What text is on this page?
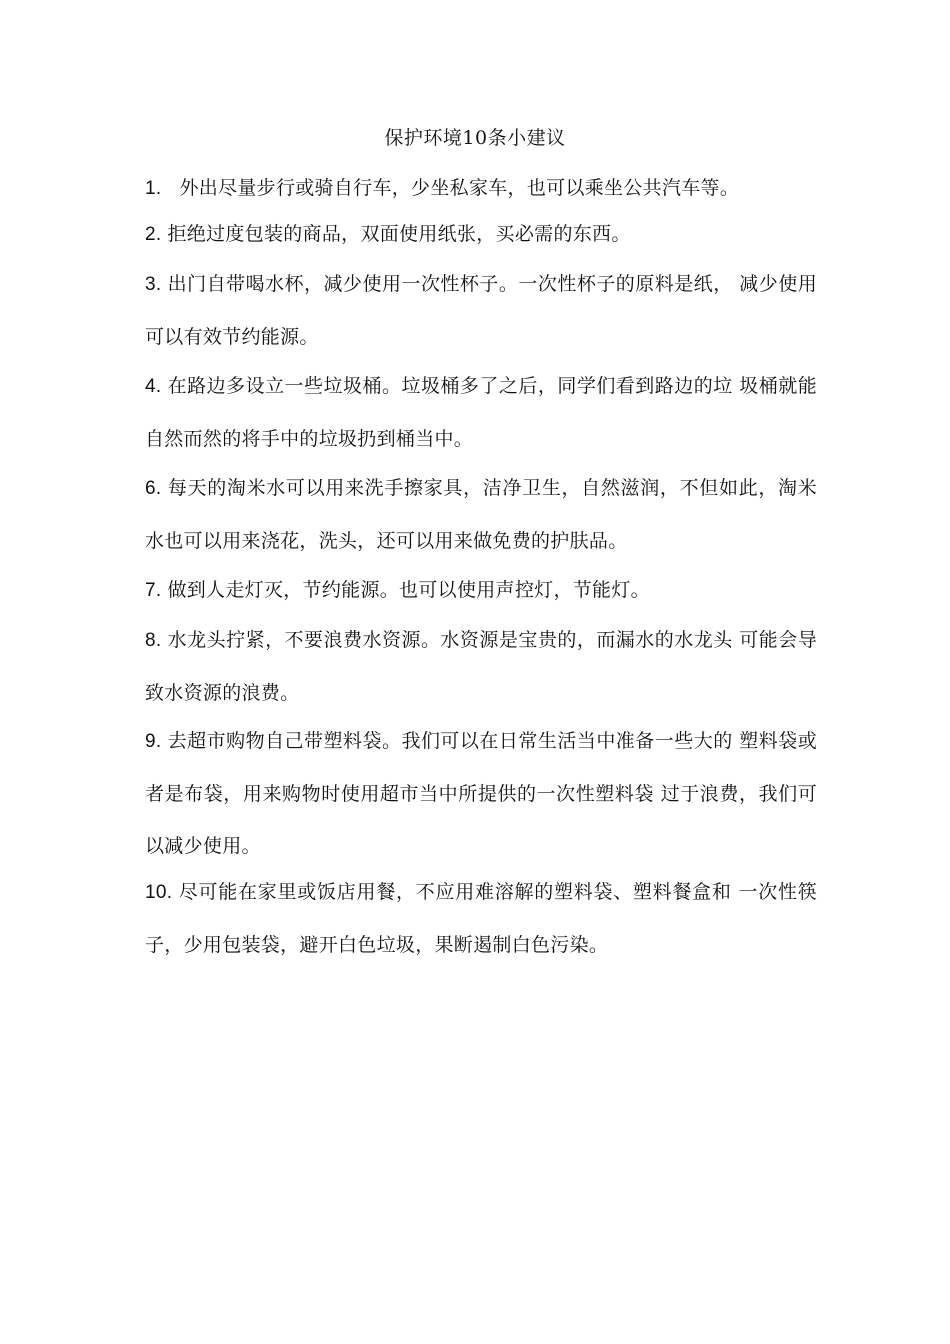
保护环境10条小建议
1. 外出尽量步行或骑自行车，少坐私家车，也可以乘坐公共汽车等。
2. 拒绝过度包装的商品，双面使用纸张，买必需的东西。
3. 出门自带喝水杯，减少使用一次性杯子。一次性杯子的原料是纸， 减少使用可以有效节约能源。
4. 在路边多设立一些垃圾桶。垃圾桶多了之后，同学们看到路边的垃 圾桶就能自然而然的将手中的垃圾扔到桶当中。
6. 每天的淘米水可以用来洗手擦家具，洁净卫生，自然滋润，不但如此，淘米水也可以用来浇花，洗头，还可以用来做免费的护肤品。
7. 做到人走灯灭，节约能源。也可以使用声控灯，节能灯。
8. 水龙头拧紧，不要浪费水资源。水资源是宝贵的，而漏水的水龙头 可能会导致水资源的浪费。
9. 去超市购物自己带塑料袋。我们可以在日常生活当中准备一些大的 塑料袋或者是布袋，用来购物时使用超市当中所提供的一次性塑料袋 过于浪费，我们可以减少使用。
10. 尽可能在家里或饭店用餐，不应用难溶解的塑料袋、塑料餐盒和 一次性筷子，少用包装袋，避开白色垃圾，果断遏制白色污染。
